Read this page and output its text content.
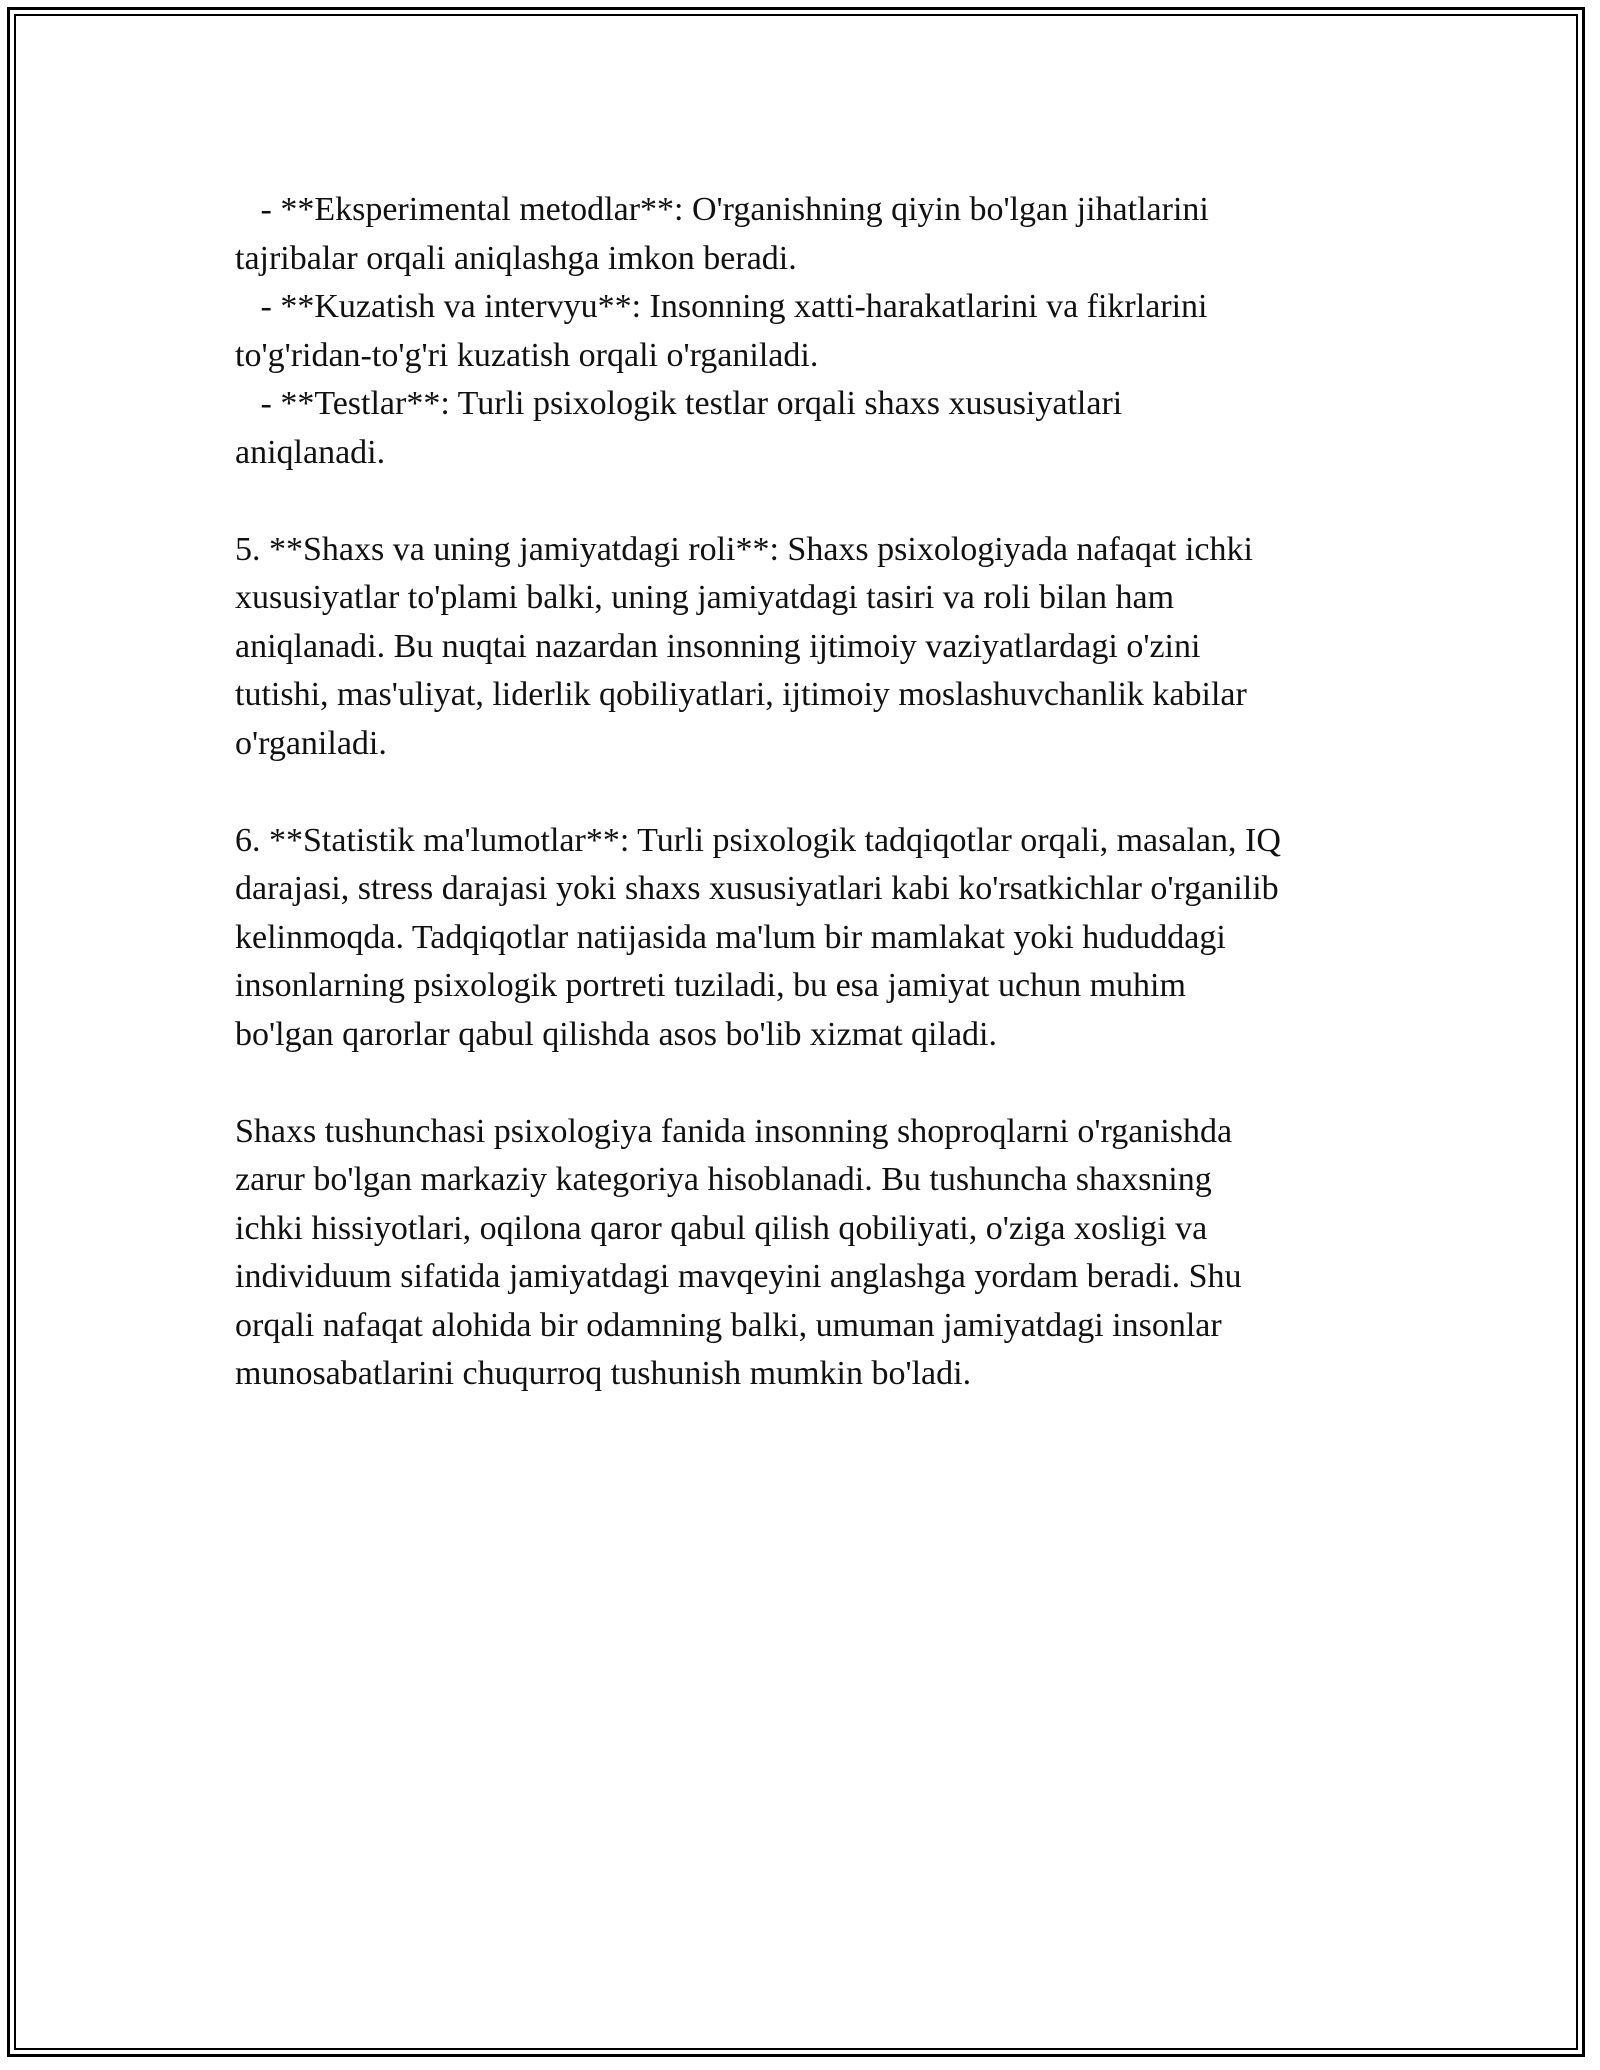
- **Eksperimental metodlar**: O'rganishning qiyin bo'lgan jihatlarini
tajribalar orqali aniqlashga imkon beradi.
- **Kuzatish va intervyu**: Insonning xatti-harakatlarini va fikrlarini
to'g'ridan-to'g'ri kuzatish orqali o'rganiladi.
- **Testlar**: Turli psixologik testlar orqali shaxs xususiyatlari
aniqlanadi.
5. **Shaxs va uning jamiyatdagi roli**: Shaxs psixologiyada nafaqat ichki
xususiyatlar to'plami balki, uning jamiyatdagi tasiri va roli bilan ham
aniqlanadi. Bu nuqtai nazardan insonning ijtimoiy vaziyatlardagi o'zini
tutishi, mas'uliyat, liderlik qobiliyatlari, ijtimoiy moslashuvchanlik kabilar
o'rganiladi.
6. **Statistik ma'lumotlar**: Turli psixologik tadqiqotlar orqali, masalan, IQ
darajasi, stress darajasi yoki shaxs xususiyatlari kabi ko'rsatkichlar o'rganilib
kelinmoqda. Tadqiqotlar natijasida ma'lum bir mamlakat yoki hududdagi
insonlarning psixologik portreti tuziladi, bu esa jamiyat uchun muhim
bo'lgan qarorlar qabul qilishda asos bo'lib xizmat qiladi.
Shaxs tushunchasi psixologiya fanida insonning shoproqlarni o'rganishda
zarur bo'lgan markaziy kategoriya hisoblanadi. Bu tushuncha shaxsning
ichki hissiyotlari, oqilona qaror qabul qilish qobiliyati, o'ziga xosligi va
individuum sifatida jamiyatdagi mavqeyini anglashga yordam beradi. Shu
orqali nafaqat alohida bir odamning balki, umuman jamiyatdagi insonlar
munosabatlarini chuqurroq tushunish mumkin bo'ladi.
